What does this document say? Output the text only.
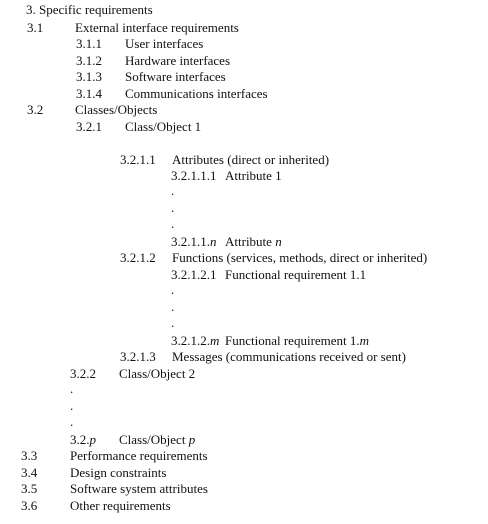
3. Specific requirements
3.1 External interface requirements
3.1.1 User interfaces
3.1.2 Hardware interfaces
3.1.3 Software interfaces
3.1.4 Communications interfaces
3.2 Classes/Objects
3.2.1 Class/Object 1
3.2.1.1 Attributes (direct or inherited)
3.2.1.1.1 Attribute 1
.
.
.
3.2.1.1.n Attribute n
3.2.1.2 Functions (services, methods, direct or inherited)
3.2.1.2.1 Functional requirement 1.1
.
.
.
3.2.1.2.m Functional requirement 1.m
3.2.1.3 Messages (communications received or sent)
3.2.2 Class/Object 2
.
.
.
3.2.p Class/Object p
3.3	Performance requirements
3.4	Design constraints
3.5	Software system attributes
3.6	Other requirements
